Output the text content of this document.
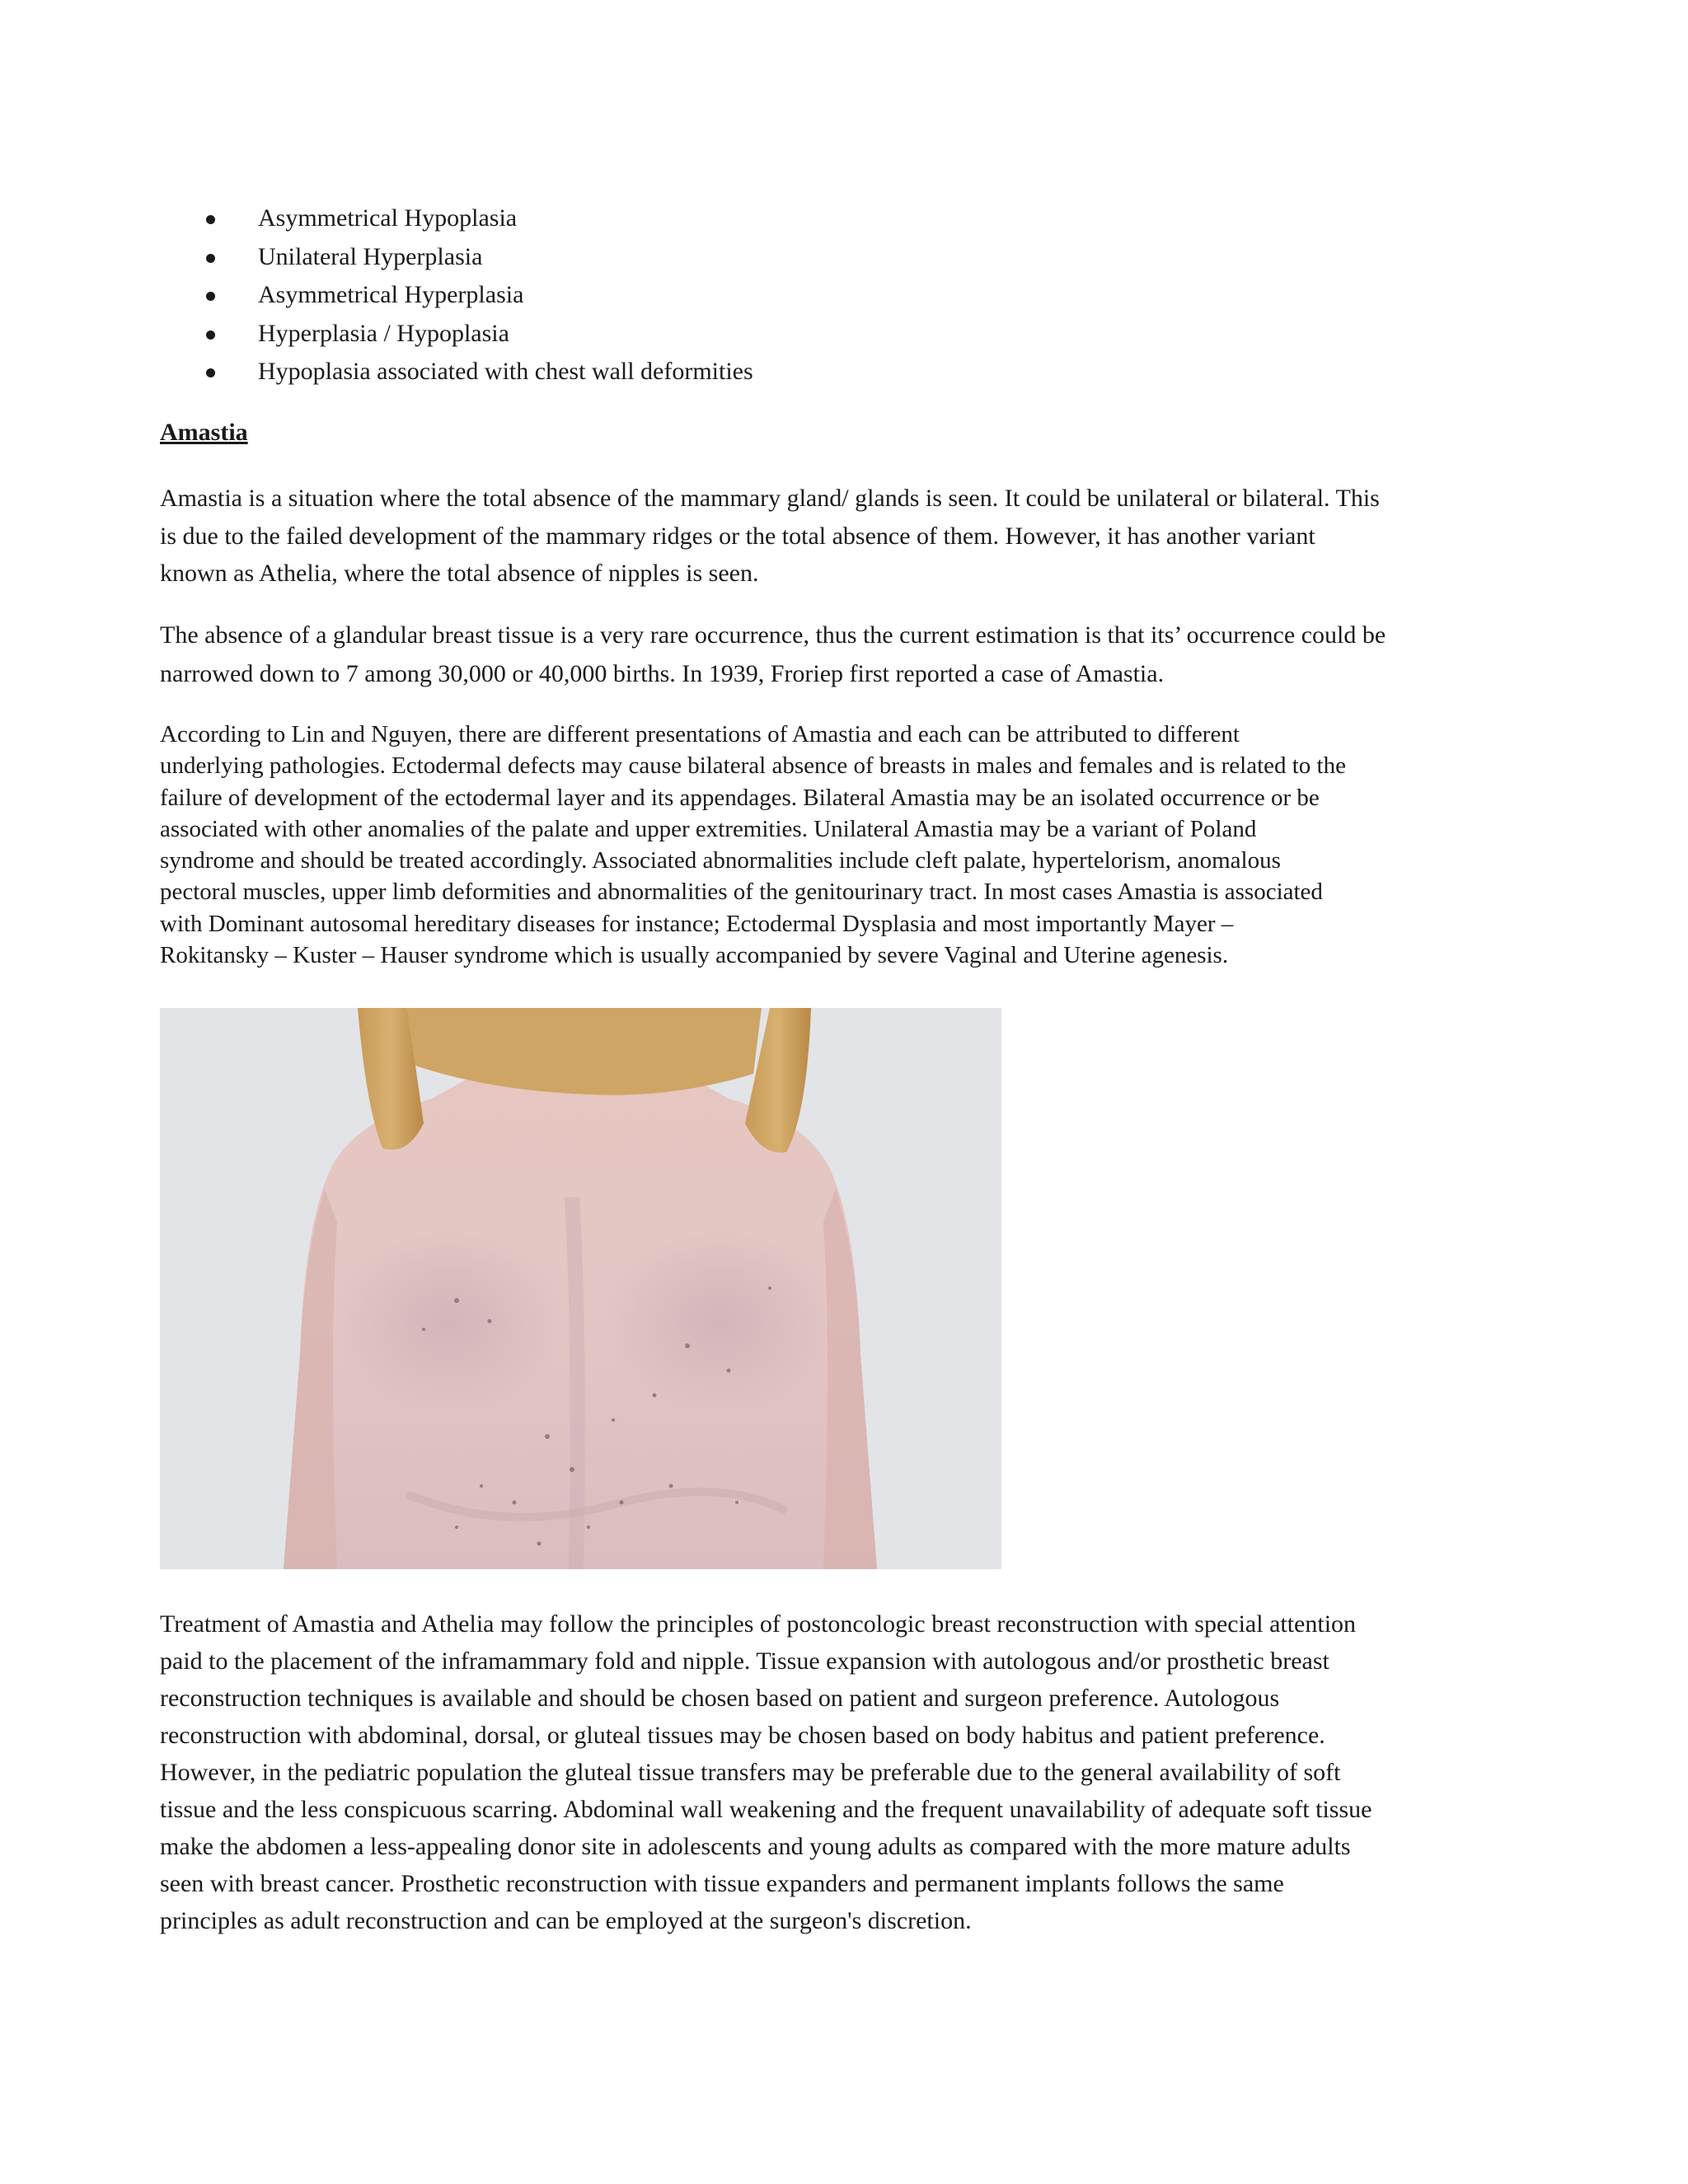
Asymmetrical Hypoplasia
Unilateral Hyperplasia
Asymmetrical Hyperplasia
Hyperplasia / Hypoplasia
Hypoplasia associated with chest wall deformities
Amastia

Amastia is a situation where the total absence of the mammary gland/ glands is seen. It could be unilateral or bilateral. This
is due to the failed development of the mammary ridges or the total absence of them. However, it has another variant
known as Athelia, where the total absence of nipples is seen.

The absence of a glandular breast tissue is a very rare occurrence, thus the current estimation is that its’ occurrence could be
narrowed down to 7 among 30,000 or 40,000 births. In 1939, Froriep first reported a case of Amastia.

According to Lin and Nguyen, there are different presentations of Amastia and each can be attributed to different
underlying pathologies. Ectodermal defects may cause bilateral absence of breasts in males and females and is related to the
failure of development of the ectodermal layer and its appendages. Bilateral Amastia may be an isolated occurrence or be
associated with other anomalies of the palate and upper extremities. Unilateral Amastia may be a variant of Poland
syndrome and should be treated accordingly. Associated abnormalities include cleft palate, hypertelorism, anomalous
pectoral muscles, upper limb deformities and abnormalities of the genitourinary tract. In most cases Amastia is associated
with Dominant autosomal hereditary diseases for instance; Ectodermal Dysplasia and most importantly Mayer –
Rokitansky – Kuster – Hauser syndrome which is usually accompanied by severe Vaginal and Uterine agenesis.

Treatment of Amastia and Athelia may follow the principles of postoncologic breast reconstruction with special attention
paid to the placement of the inframammary fold and nipple. Tissue expansion with autologous and/or prosthetic breast
reconstruction techniques is available and should be chosen based on patient and surgeon preference. Autologous
reconstruction with abdominal, dorsal, or gluteal tissues may be chosen based on body habitus and patient preference.
However, in the pediatric population the gluteal tissue transfers may be preferable due to the general availability of soft
tissue and the less conspicuous scarring. Abdominal wall weakening and the frequent unavailability of adequate soft tissue
make the abdomen a less-appealing donor site in adolescents and young adults as compared with the more mature adults
seen with breast cancer. Prosthetic reconstruction with tissue expanders and permanent implants follows the same
principles as adult reconstruction and can be employed at the surgeon's discretion.
